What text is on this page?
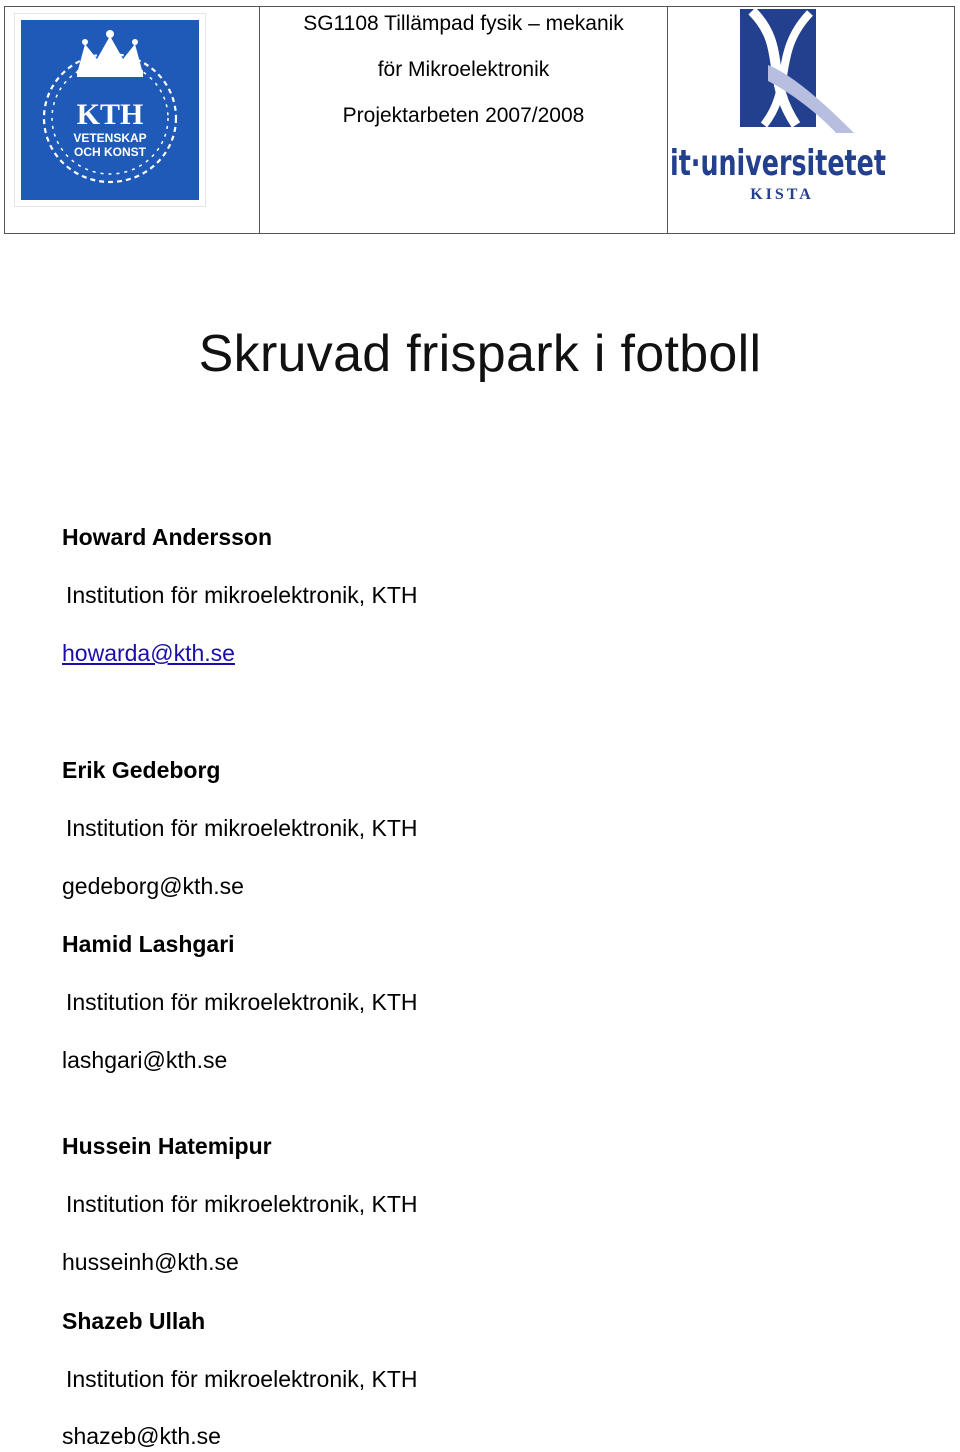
KTH
VETENSKAP
OCH KONST
SG1108 Tillämpad fysik – mekanik
för Mikroelektronik
Projektarbeten 2007/2008
it·universitetet
KISTA
Skruvad frispark i fotboll
Howard Andersson
Institution för mikroelektronik, KTH
howarda@kth.se
Erik Gedeborg
Institution för mikroelektronik, KTH
gedeborg@kth.se
Hamid Lashgari
Institution för mikroelektronik, KTH
lashgari@kth.se
Hussein Hatemipur
Institution för mikroelektronik, KTH
husseinh@kth.se
Shazeb Ullah
Institution för mikroelektronik, KTH
shazeb@kth.se
